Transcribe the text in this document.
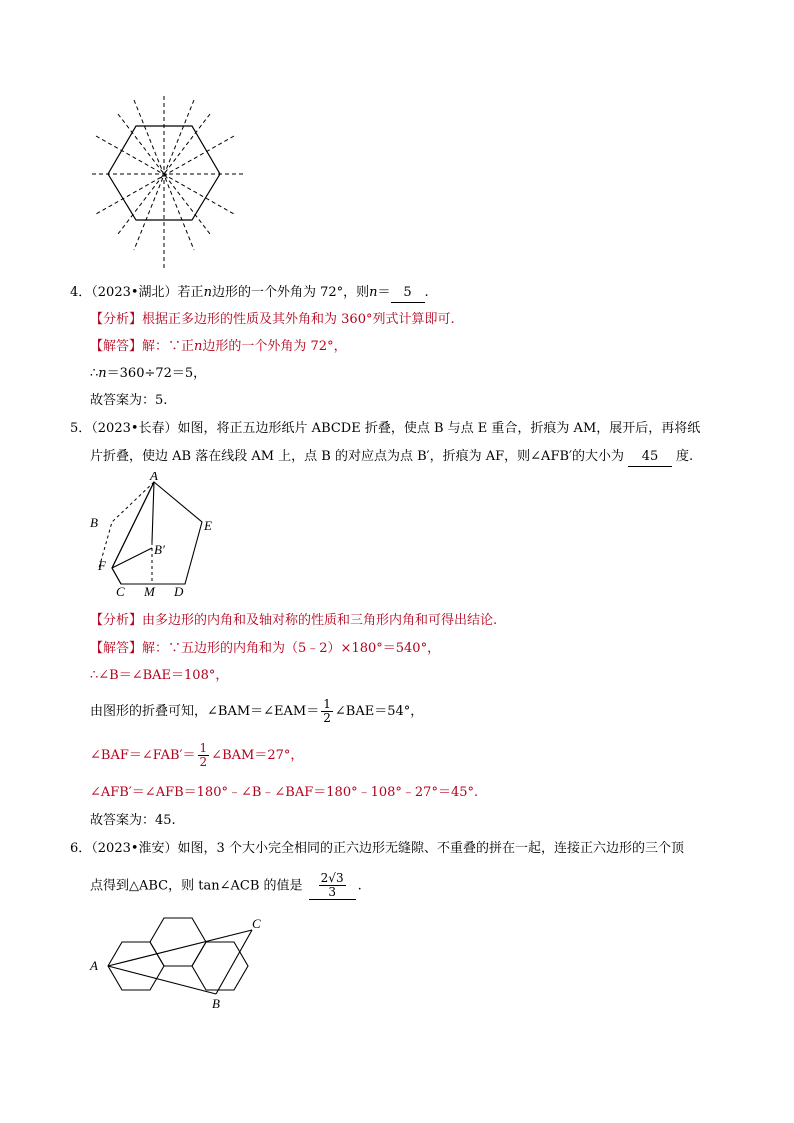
4．（2023•湖北）若正n边形的一个外角为 72°，则n＝ 5 .
【分析】根据正多边形的性质及其外角和为 360°列式计算即可.
【解答】解：∵正n边形的一个外角为 72°，
∴n＝360÷72＝5，
故答案为：5.
5．（2023•长春）如图，将正五边形纸片 ABCDE 折叠，使点 B 与点 E 重合，折痕为 AM，展开后，再将纸
片折叠，使边 AB 落在线段 AM 上，点 B 的对应点为点 B′，折痕为 AF，则∠AFB′的大小为 45 度.
A
B
B′
C	D
E
F
M
【分析】由多边形的内角和及轴对称的性质和三角形内角和可得出结论.
【解答】解：∵五边形的内角和为（5﹣2）×180°＝540°，
∴∠B＝∠BAE＝108°，
由图形的折叠可知，∠BAM＝∠EAM＝ $\frac{1}{2}$ ∠BAE＝54°，
∠BAF＝∠FAB′＝ $\frac{1}{2}$ ∠BAM＝27°，
∠AFB′＝∠AFB＝180°﹣∠B﹣∠BAF＝180°﹣108°﹣27°＝45°.
故答案为：45.
6．（2023•淮安）如图，3 个大小完全相同的正六边形无缝隙、不重叠的拼在一起，连接正六边形的三个顶
点得到△ABC，则 tan∠ACB 的值是 $\frac{2√3}{3}$ .
A
B
C
